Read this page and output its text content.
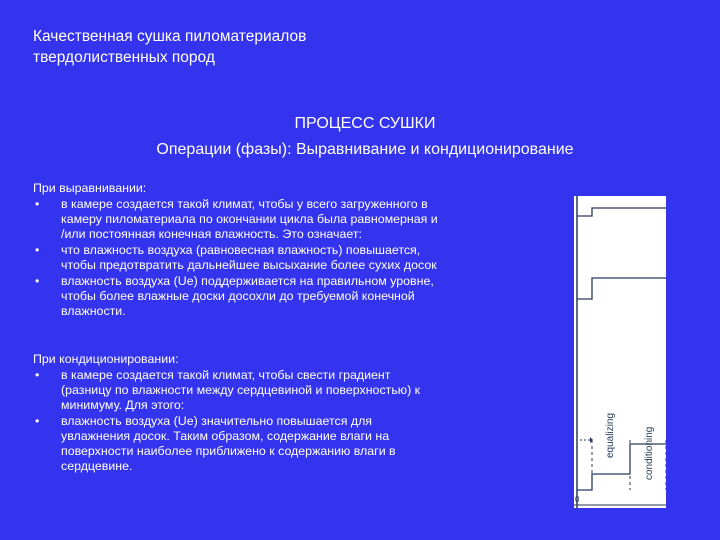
Качественная сушка пиломатериалов
твердолиственных пород
ПРОЦЕСС СУШКИ
Операции (фазы): Выравнивание и кондиционирование
При выравнивании:
• в камере создается такой климат, чтобы у всего загруженного в
камеру пиломатериала по окончании цикла была равномерная и
/или постоянная конечная влажность. Это означает:
• что влажность воздуха (равновесная влажность) повышается,
чтобы предотвратить дальнейшее высыхание более сухих досок
• влажность воздуха (Ue) поддерживается на правильном уровне,
чтобы более влажные доски досохли до требуемой конечной
влажности.
При кондиционировании:
• в камере создается такой климат, чтобы свести градиент
(разницу по влажности между сердцевиной и поверхностью) к
минимуму. Для этого:
• влажность воздуха (Ue) значительно повышается для
увлажнения досок. Таким образом, содержание влаги на
поверхности наиболее приближено к содержанию влаги в
сердцевине.
equalizing	conditioning
0
